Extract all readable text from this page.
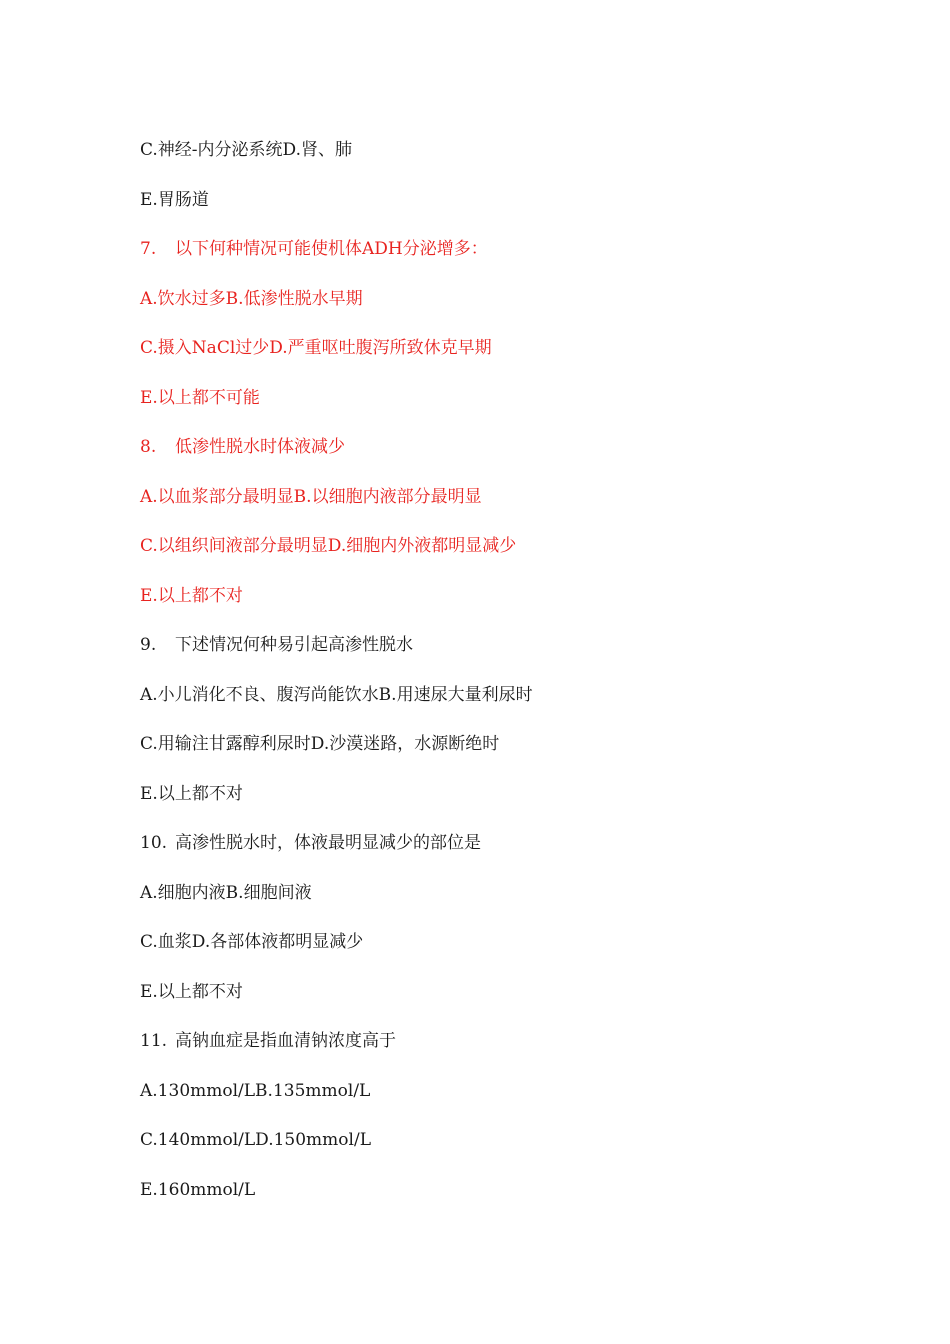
C.神经-内分泌系统D.肾、肺
E.胃肠道
7. 以下何种情况可能使机体ADH分泌增多：
A.饮水过多B.低渗性脱水早期
C.摄入NaCl过少D.严重呕吐腹泻所致休克早期
E.以上都不可能
8. 低渗性脱水时体液减少
A.以血浆部分最明显B.以细胞内液部分最明显
C.以组织间液部分最明显D.细胞内外液都明显减少
E.以上都不对
9. 下述情况何种易引起高渗性脱水
A.小儿消化不良、腹泻尚能饮水B.用速尿大量利尿时
C.用输注甘露醇利尿时D.沙漠迷路，水源断绝时
E.以上都不对
10. 高渗性脱水时，体液最明显减少的部位是
A.细胞内液B.细胞间液
C.血浆D.各部体液都明显减少
E.以上都不对
11. 高钠血症是指血清钠浓度高于
A.130mmol/LB.135mmol/L
C.140mmol/LD.150mmol/L
E.160mmol/L
